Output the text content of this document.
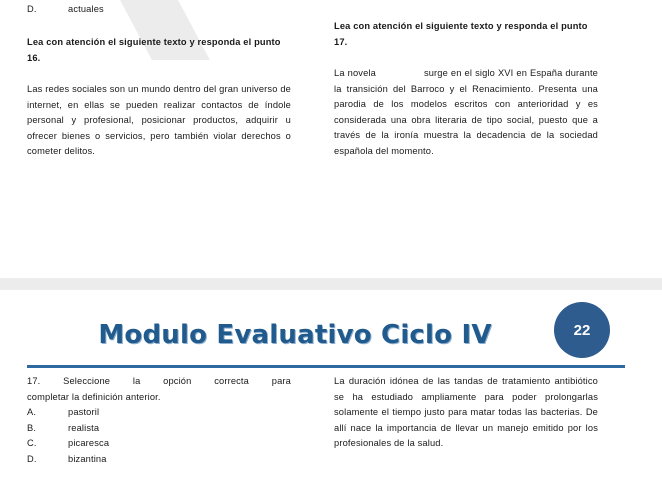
D.	actuales
Lea con atención el siguiente texto y responda el punto 16.
Las redes sociales son un mundo dentro del gran universo de internet, en ellas se pueden realizar contactos de índole personal y profesional, posicionar productos, adquirir u ofrecer bienes o servicios, pero también violar derechos o cometer delitos.
Lea con atención el siguiente texto y responda el punto 17.
La novela	surge en el siglo XVI en España durante la transición del Barroco y el Renacimiento. Presenta una parodia de los modelos escritos con anterioridad y es considerada una obra literaria de tipo social, puesto que a través de la ironía muestra la decadencia de la sociedad española del momento.
Modulo Evaluativo Ciclo IV	22
17. Seleccione la opción correcta para
completar la definición anterior.
A.	pastoril
B.	realista
C.	picaresca
D.	bizantina
La duración idónea de las tandas de tratamiento antibiótico se ha estudiado ampliamente para poder prolongarlas solamente el tiempo justo para matar todas las bacterias. De allí nace la importancia de llevar un manejo emitido por los profesionales de la salud.
